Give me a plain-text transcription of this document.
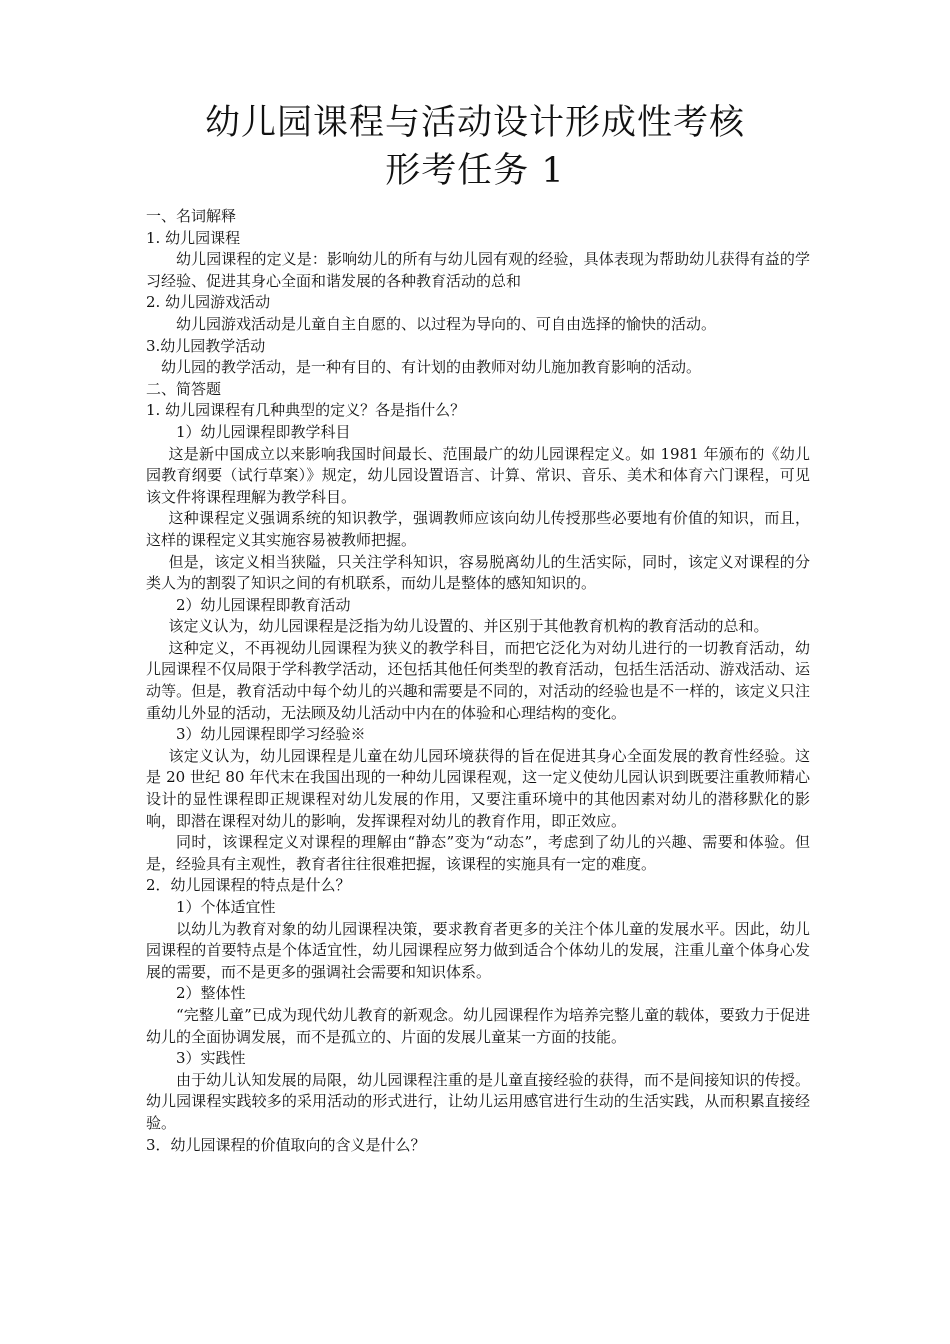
幼儿园课程与活动设计形成性考核
形考任务 1

一、名词解释

1. 幼儿园课程

幼儿园课程的定义是：影响幼儿的所有与幼儿园有观的经验，具体表现为帮助幼儿获得有益的学习经验、促进其身心全面和谐发展的各种教育活动的总和

2. 幼儿园游戏活动

幼儿园游戏活动是儿童自主自愿的、以过程为导向的、可自由选择的愉快的活动。

3.幼儿园教学活动

幼儿园的教学活动，是一种有目的、有计划的由教师对幼儿施加教育影响的活动。

二、简答题

1. 幼儿园课程有几种典型的定义？各是指什么？

1）幼儿园课程即教学科目

这是新中国成立以来影响我国时间最长、范围最广的幼儿园课程定义。如 1981 年颁布的《幼儿园教育纲要（试行草案）》规定，幼儿园设置语言、计算、常识、音乐、美术和体育六门课程，可见该文件将课程理解为教学科目。

这种课程定义强调系统的知识教学，强调教师应该向幼儿传授那些必要地有价值的知识，而且，这样的课程定义其实施容易被教师把握。

但是，该定义相当狭隘，只关注学科知识，容易脱离幼儿的生活实际，同时，该定义对课程的分类人为的割裂了知识之间的有机联系，而幼儿是整体的感知知识的。

2）幼儿园课程即教育活动

该定义认为，幼儿园课程是泛指为幼儿设置的、并区别于其他教育机构的教育活动的总和。

这种定义，不再视幼儿园课程为狭义的教学科目，而把它泛化为对幼儿进行的一切教育活动，幼儿园课程不仅局限于学科教学活动，还包括其他任何类型的教育活动，包括生活活动、游戏活动、运动等。但是，教育活动中每个幼儿的兴趣和需要是不同的，对活动的经验也是不一样的，该定义只注重幼儿外显的活动，无法顾及幼儿活动中内在的体验和心理结构的变化。

3）幼儿园课程即学习经验※

该定义认为，幼儿园课程是儿童在幼儿园环境获得的旨在促进其身心全面发展的教育性经验。这是 20 世纪 80 年代末在我国出现的一种幼儿园课程观，这一定义使幼儿园认识到既要注重教师精心设计的显性课程即正规课程对幼儿发展的作用，又要注重环境中的其他因素对幼儿的潜移默化的影响，即潜在课程对幼儿的影响，发挥课程对幼儿的教育作用，即正效应。

同时，该课程定义对课程的理解由“静态”变为“动态”，考虑到了幼儿的兴趣、需要和体验。但是，经验具有主观性，教育者往往很难把握，该课程的实施具有一定的难度。

2．幼儿园课程的特点是什么？

1）个体适宜性

以幼儿为教育对象的幼儿园课程决策，要求教育者更多的关注个体儿童的发展水平。因此，幼儿园课程的首要特点是个体适宜性，幼儿园课程应努力做到适合个体幼儿的发展，注重儿童个体身心发展的需要，而不是更多的强调社会需要和知识体系。

2）整体性

“完整儿童”已成为现代幼儿教育的新观念。幼儿园课程作为培养完整儿童的载体，要致力于促进幼儿的全面协调发展，而不是孤立的、片面的发展儿童某一方面的技能。

3）实践性

由于幼儿认知发展的局限，幼儿园课程注重的是儿童直接经验的获得，而不是间接知识的传授。幼儿园课程实践较多的采用活动的形式进行，让幼儿运用感官进行生动的生活实践，从而积累直接经验。

3．幼儿园课程的价值取向的含义是什么？
